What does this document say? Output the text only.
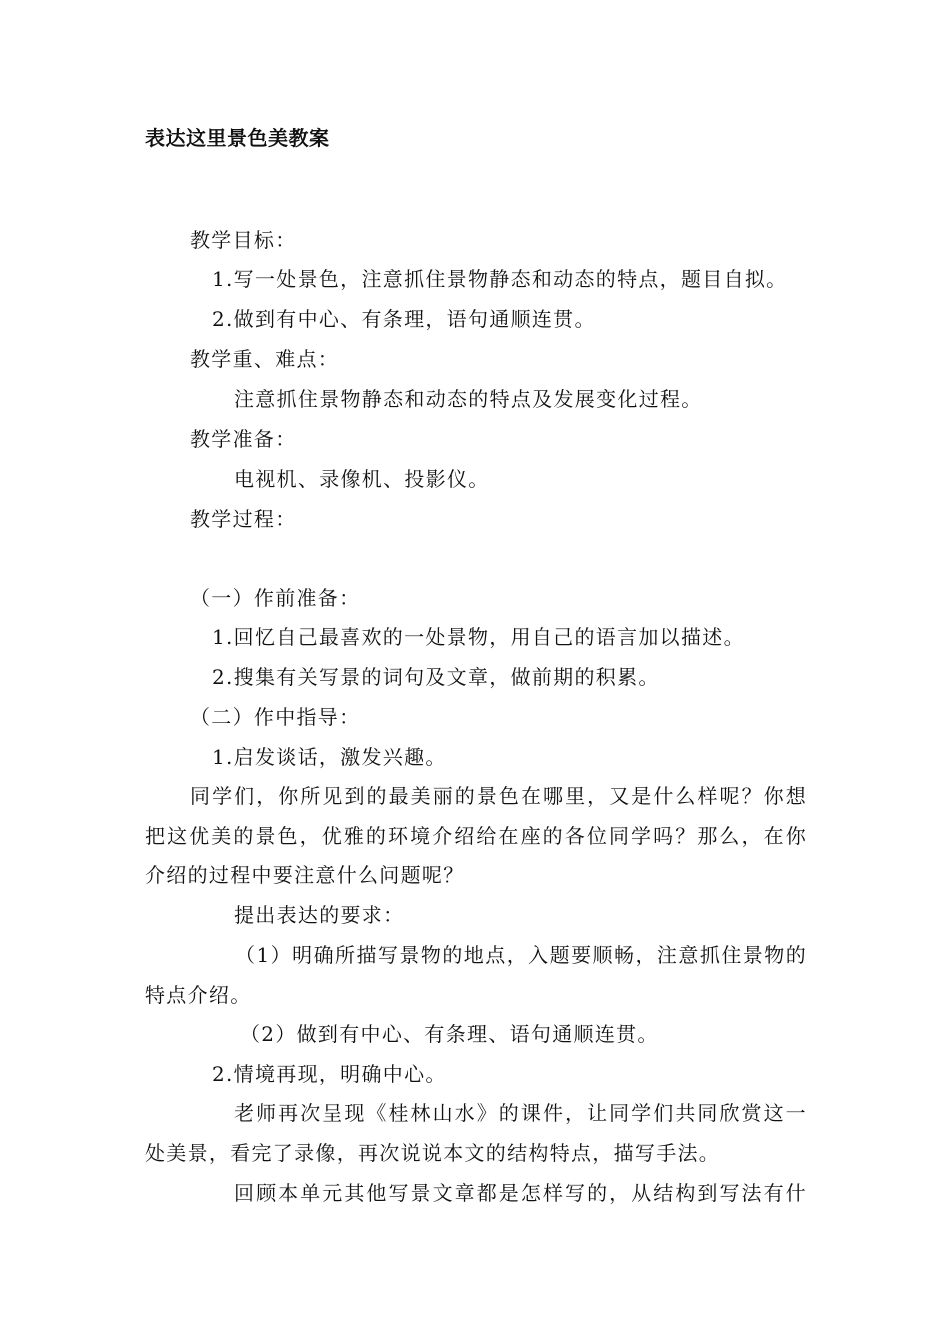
表达这里景色美教案
教学目标：
1.写一处景色，注意抓住景物静态和动态的特点，题目自拟。
2.做到有中心、有条理，语句通顺连贯。
教学重、难点：
注意抓住景物静态和动态的特点及发展变化过程。
教学准备：
电视机、录像机、投影仪。
教学过程：
（一）作前准备：
1.回忆自己最喜欢的一处景物，用自己的语言加以描述。
2.搜集有关写景的词句及文章，做前期的积累。
（二）作中指导：
1.启发谈话，激发兴趣。
同学们，你所见到的最美丽的景色在哪里，又是什么样呢？你想
把这优美的景色，优雅的环境介绍给在座的各位同学吗？那么，在你
介绍的过程中要注意什么问题呢？
提出表达的要求：
（1）明确所描写景物的地点，入题要顺畅，注意抓住景物的
特点介绍。
（2）做到有中心、有条理、语句通顺连贯。
2.情境再现，明确中心。
老师再次呈现《桂林山水》的课件，让同学们共同欣赏这一
处美景，看完了录像，再次说说本文的结构特点，描写手法。
回顾本单元其他写景文章都是怎样写的，从结构到写法有什
